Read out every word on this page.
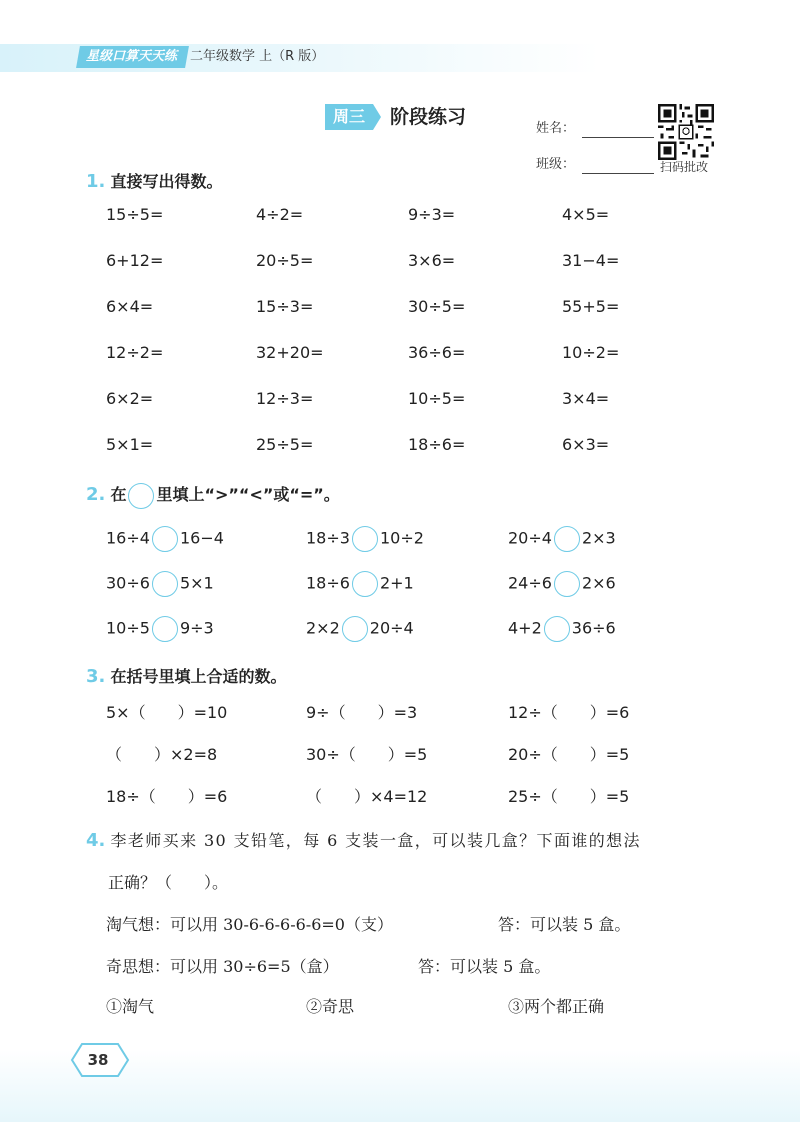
星级口算天天练 二年级数学 上（R 版）
周三	阶段练习
姓名：
班级：	扫码批改
1. 直接写出得数。
15÷5=	4÷2=	9÷3=	4×5=
6+12=	20÷5=	3×6=	31−4=
6×4=	15÷3=	30÷5=	55+5=
12÷2=	32+20=	36÷6=	10÷2=
6×2=	12÷3=	10÷5=	3×4=
5×1=	25÷5=	18÷6=	6×3=
2. 在 里填上“>”“<”或“=”。
16÷4 16−4	18÷3 10÷2	20÷4 2×3
30÷6 5×1	18÷6 2+1	24÷6 2×6
10÷5 9÷3	2×2 20÷4	4+2 36÷6
3. 在括号里填上合适的数。
5×（　　）=10	9÷（　　）=3	12÷（　　）=6
（　　）×2=8	30÷（　　）=5	20÷（　　）=5
18÷（　　）=6	（　　）×4=12	25÷（　　）=5
4. 李老师买来 30 支铅笔，每 6 支装一盒，可以装几盒？下面谁的想法
正确？（　　）。
淘气想：可以用 30-6-6-6-6-6=0（支）	答：可以装 5 盒。
奇思想：可以用 30÷6=5（盒）	答：可以装 5 盒。
①淘气	②奇思	③两个都正确
38
